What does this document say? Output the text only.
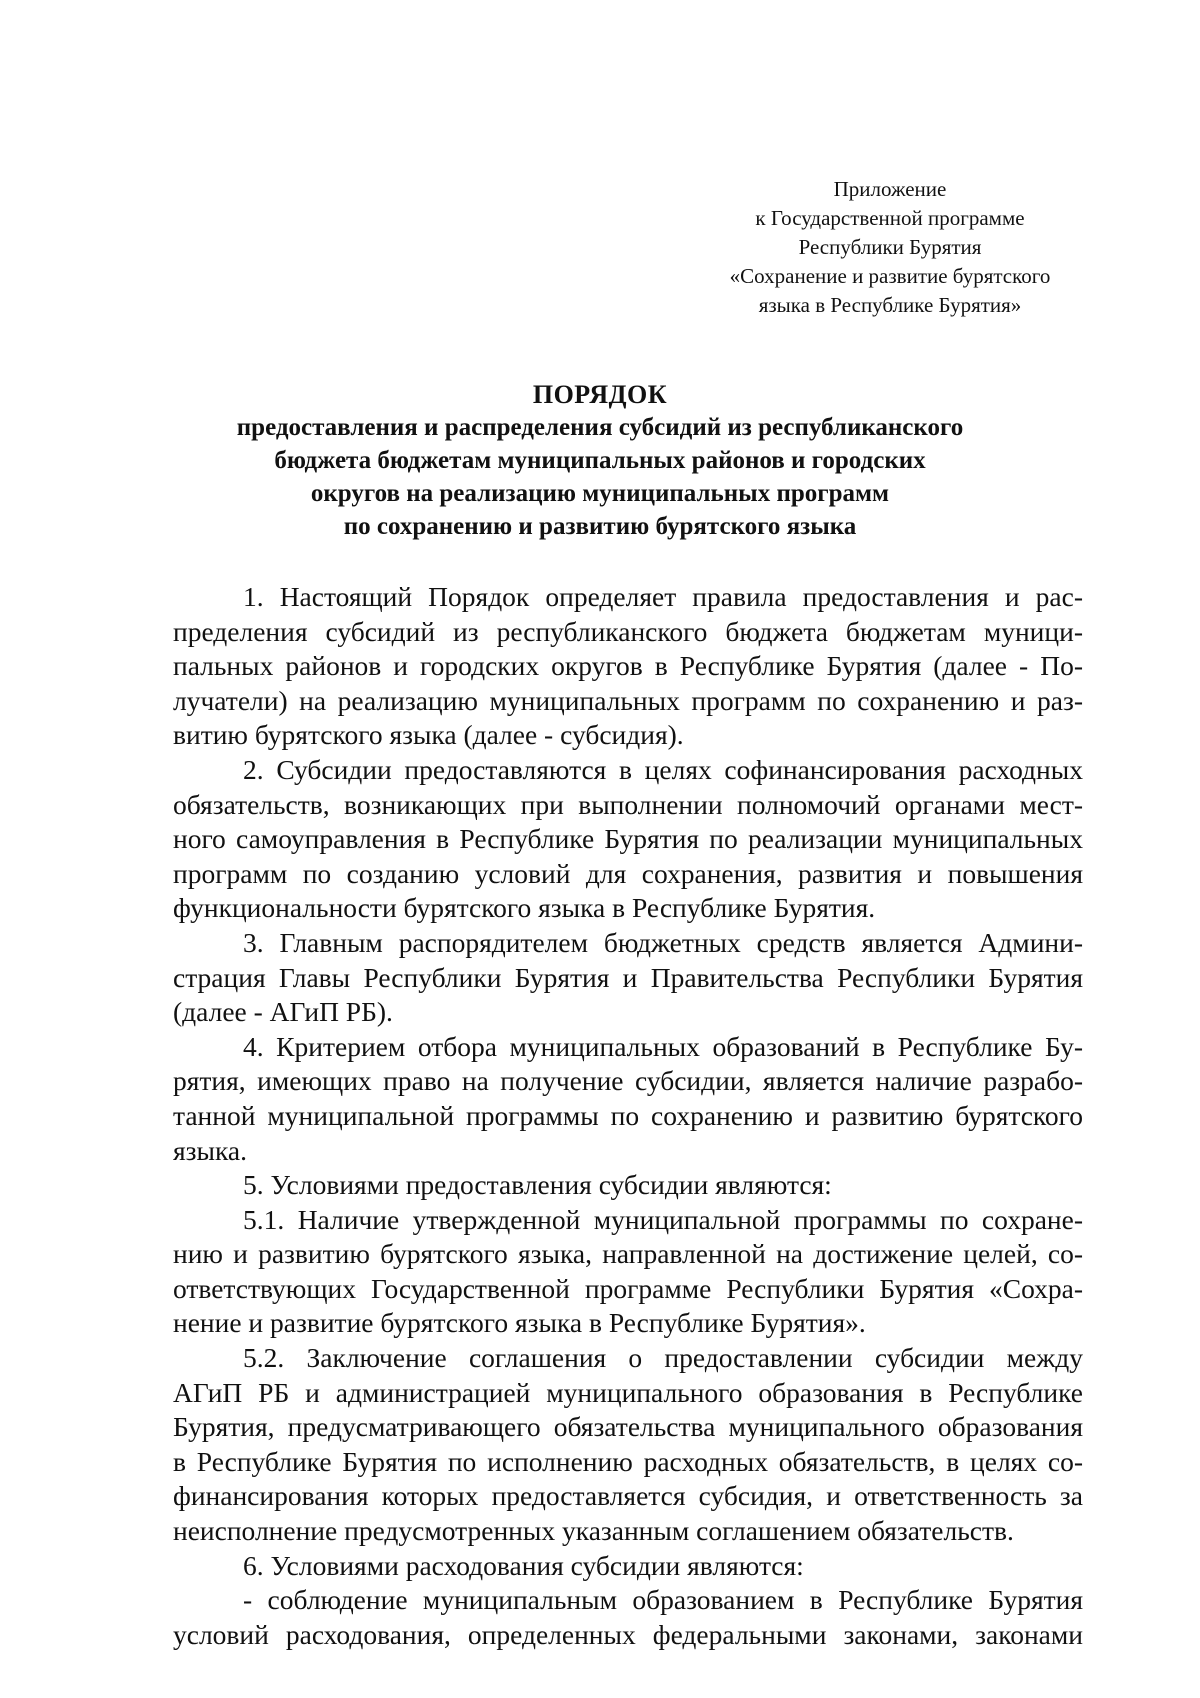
Приложение
к Государственной программе
Республики Бурятия
«Сохранение и развитие бурятского
языка в Республике Бурятия»
ПОРЯДОК
предоставления и распределения субсидий из республиканского
бюджета бюджетам муниципальных районов и городских
округов на реализацию муниципальных программ
по сохранению и развитию бурятского языка
1. Настоящий Порядок определяет правила предоставления и рас-
пределения субсидий из республиканского бюджета бюджетам муници-
пальных районов и городских округов в Республике Бурятия (далее - По-
лучатели) на реализацию муниципальных программ по сохранению и раз-
витию бурятского языка (далее - субсидия).
2. Субсидии предоставляются в целях софинансирования расходных
обязательств, возникающих при выполнении полномочий органами мест-
ного самоуправления в Республике Бурятия по реализации муниципальных
программ по созданию условий для сохранения, развития и повышения
функциональности бурятского языка в Республике Бурятия.
3. Главным распорядителем бюджетных средств является Админи-
страция Главы Республики Бурятия и Правительства Республики Бурятия
(далее - АГиП РБ).
4. Критерием отбора муниципальных образований в Республике Бу-
рятия, имеющих право на получение субсидии, является наличие разрабо-
танной муниципальной программы по сохранению и развитию бурятского
языка.
5. Условиями предоставления субсидии являются:
5.1. Наличие утвержденной муниципальной программы по сохране-
нию и развитию бурятского языка, направленной на достижение целей, со-
ответствующих Государственной программе Республики Бурятия «Сохра-
нение и развитие бурятского языка в Республике Бурятия».
5.2. Заключение соглашения о предоставлении субсидии между
АГиП РБ и администрацией муниципального образования в Республике
Бурятия, предусматривающего обязательства муниципального образования
в Республике Бурятия по исполнению расходных обязательств, в целях со-
финансирования которых предоставляется субсидия, и ответственность за
неисполнение предусмотренных указанным соглашением обязательств.
6. Условиями расходования субсидии являются:
- соблюдение муниципальным образованием в Республике Бурятия
условий расходования, определенных федеральными законами, законами
